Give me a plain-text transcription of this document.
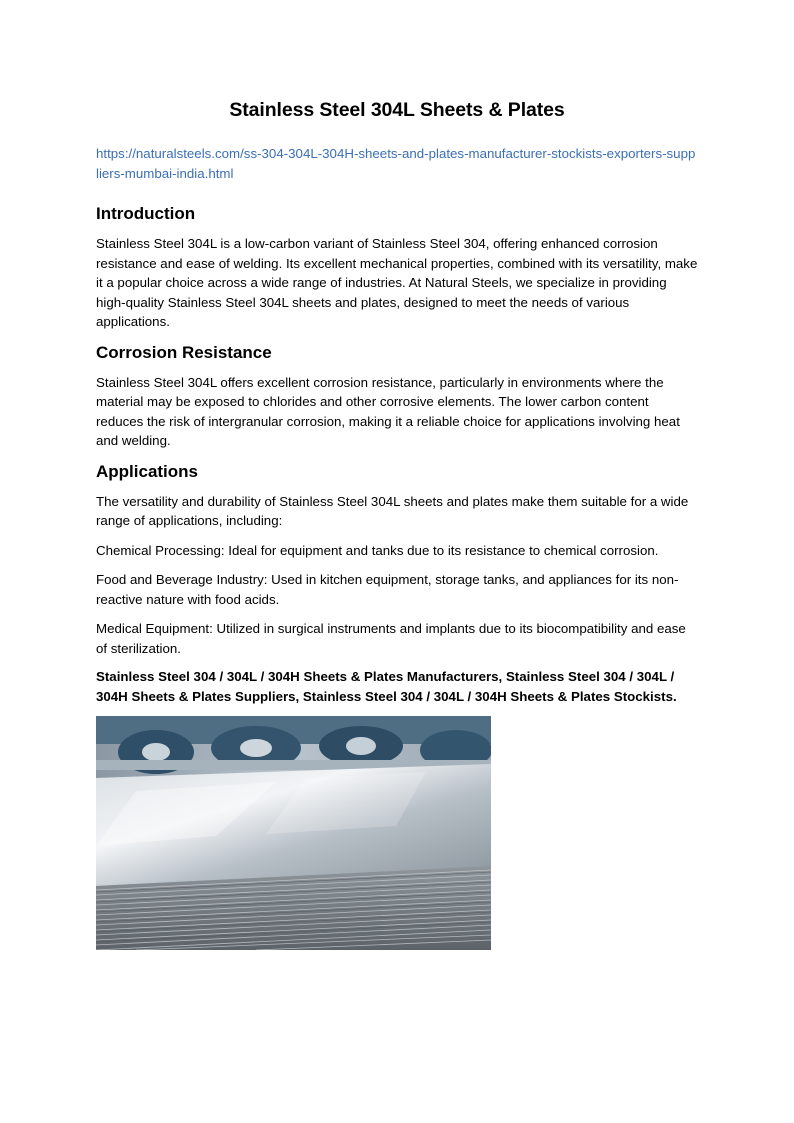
Stainless Steel 304L Sheets & Plates
https://naturalsteels.com/ss-304-304L-304H-sheets-and-plates-manufacturer-stockists-exporters-suppliers-mumbai-india.html
Introduction

Stainless Steel 304L is a low-carbon variant of Stainless Steel 304, offering enhanced corrosion resistance and ease of welding. Its excellent mechanical properties, combined with its versatility, make it a popular choice across a wide range of industries. At Natural Steels, we specialize in providing high-quality Stainless Steel 304L sheets and plates, designed to meet the needs of various applications.

Corrosion Resistance

Stainless Steel 304L offers excellent corrosion resistance, particularly in environments where the material may be exposed to chlorides and other corrosive elements. The lower carbon content reduces the risk of intergranular corrosion, making it a reliable choice for applications involving heat and welding.

Applications

The versatility and durability of Stainless Steel 304L sheets and plates make them suitable for a wide range of applications, including:

Chemical Processing: Ideal for equipment and tanks due to its resistance to chemical corrosion.

Food and Beverage Industry: Used in kitchen equipment, storage tanks, and appliances for its non-reactive nature with food acids.

Medical Equipment: Utilized in surgical instruments and implants due to its biocompatibility and ease of sterilization.

Stainless Steel 304 / 304L / 304H Sheets & Plates Manufacturers, Stainless Steel 304 / 304L / 304H Sheets & Plates Suppliers, Stainless Steel 304 / 304L / 304H Sheets & Plates Stockists.
